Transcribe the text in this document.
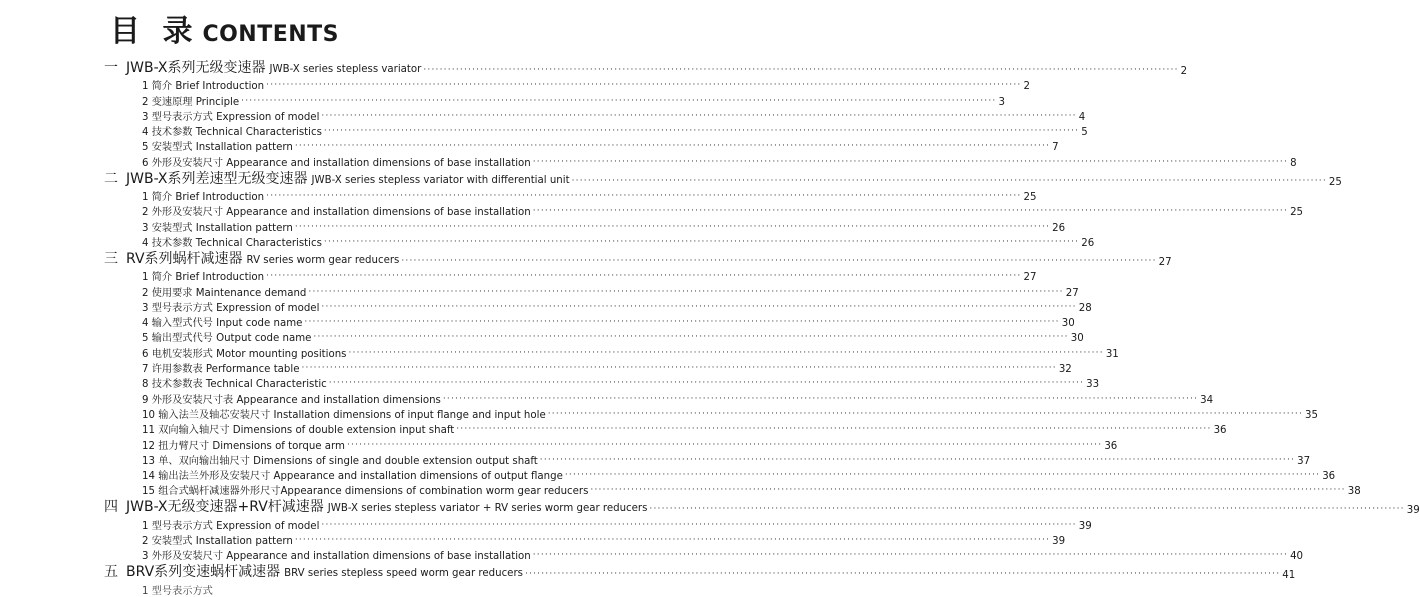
目 录 CONTENTS
一 JWB-X系列无级变速器 JWB-X series stepless variator ·····	2
1 简介 Brief Introduction ·····	2
2 变速原理 Principle ·····	3
3 型号表示方式 Expression of model ·····	4
4 技术参数 Technical Characteristics ·····	5
5 安装型式 Installation pattern ·····	7
6 外形及安装尺寸 Appearance and installation dimensions of base installation ·····	8
二 JWB-X系列差速型无级变速器 JWB-X series stepless variator with differential unit ·····	25
1 简介 Brief Introduction ·····	25
2 外形及安装尺寸 Appearance and installation dimensions of base installation ·····	25
3 安装型式 Installation pattern ·····	26
4 技术参数 Technical Characteristics ·····	26
三 RV系列蜗杆减速器 RV series worm gear reducers ·····	27
1 简介 Brief Introduction ·····	27
2 使用要求 Maintenance demand ·····	27
3 型号表示方式 Expression of model ·····	28
4 输入型式代号 Input code name ·····	30
5 输出型式代号 Output code name ·····	30
6 电机安装形式 Motor mounting positions ·····	31
7 许用参数表 Performance table ·····	32
8 技术参数表 Technical Characteristic ·····	33
9 外形及安装尺寸表 Appearance and installation dimensions ·····	34
10 输入法兰及轴芯安装尺寸 Installation dimensions of input flange and input hole ·····	35
11 双向输入轴尺寸 Dimensions of double extension input shaft ·····	36
12 扭力臂尺寸 Dimensions of torque arm ·····	36
13 单、双向输出轴尺寸 Dimensions of single and double extension output shaft ·····	37
14 输出法兰外形及安装尺寸 Appearance and installation dimensions of output flange ·····	36
15 组合式蜗杆减速器外形尺寸Appearance dimensions of combination worm gear reducers ·····	38
四 JWB-X无级变速器+RV杆减速器 JWB-X series stepless variator + RV series worm gear reducers ·····	39
1 型号表示方式 Expression of model ·····	39
2 安装型式 Installation pattern ·····	39
3 外形及安装尺寸 Appearance and installation dimensions of base installation ·····	40
五 BRV系列变速蜗杆减速器 BRV series stepless speed worm gear reducers ·····	41
1 型号表示方式
